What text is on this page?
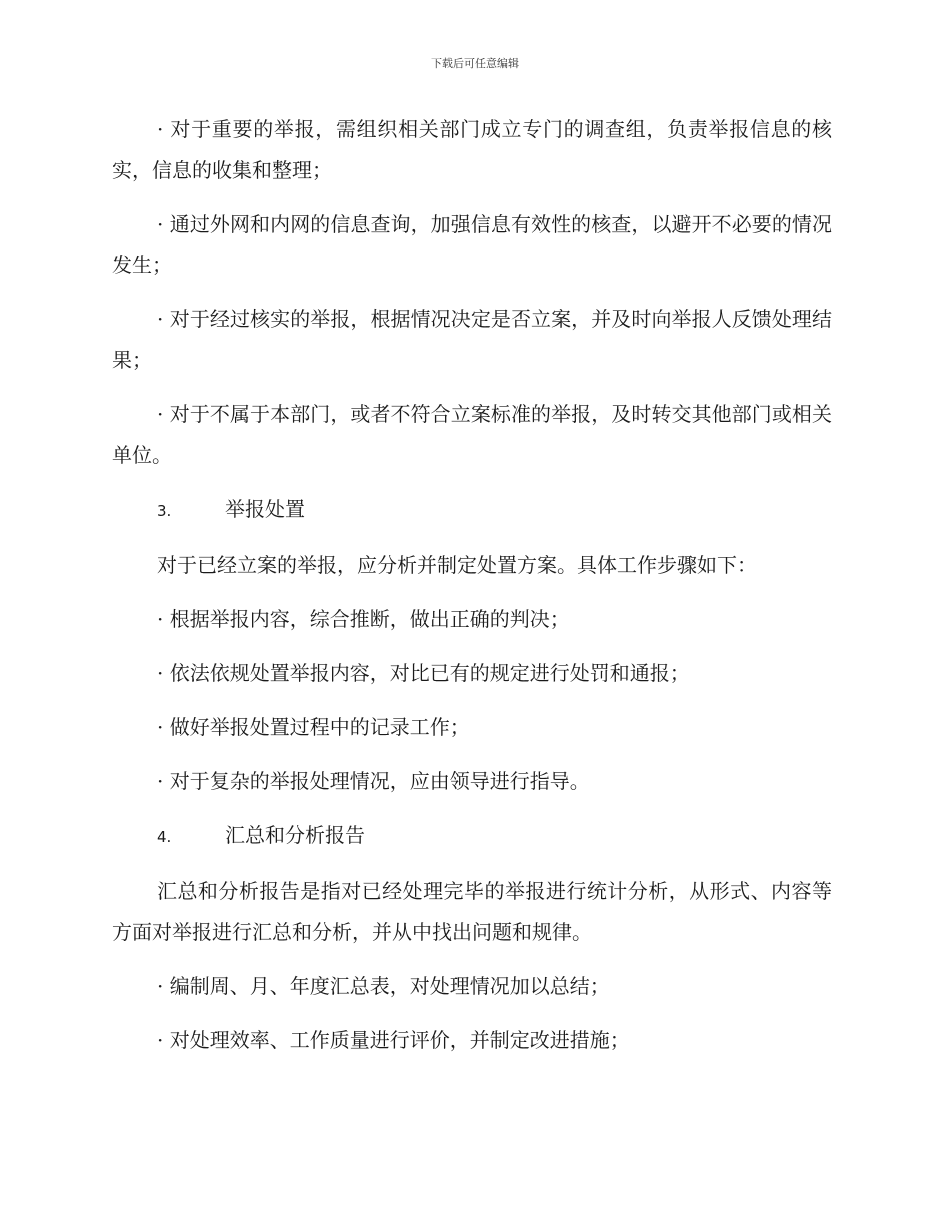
下载后可任意编辑

· 对于重要的举报，需组织相关部门成立专门的调查组，负责举报信息的核实，信息的收集和整理；

· 通过外网和内网的信息查询，加强信息有效性的核查，以避开不必要的情况发生；

· 对于经过核实的举报，根据情况决定是否立案，并及时向举报人反馈处理结果；

· 对于不属于本部门，或者不符合立案标准的举报，及时转交其他部门或相关单位。

3.	举报处置

对于已经立案的举报，应分析并制定处置方案。具体工作步骤如下：

· 根据举报内容，综合推断，做出正确的判决；

· 依法依规处置举报内容，对比已有的规定进行处罚和通报；

· 做好举报处置过程中的记录工作；

· 对于复杂的举报处理情况，应由领导进行指导。

4.	汇总和分析报告

汇总和分析报告是指对已经处理完毕的举报进行统计分析，从形式、内容等方面对举报进行汇总和分析，并从中找出问题和规律。

· 编制周、月、年度汇总表，对处理情况加以总结；

· 对处理效率、工作质量进行评价，并制定改进措施；
